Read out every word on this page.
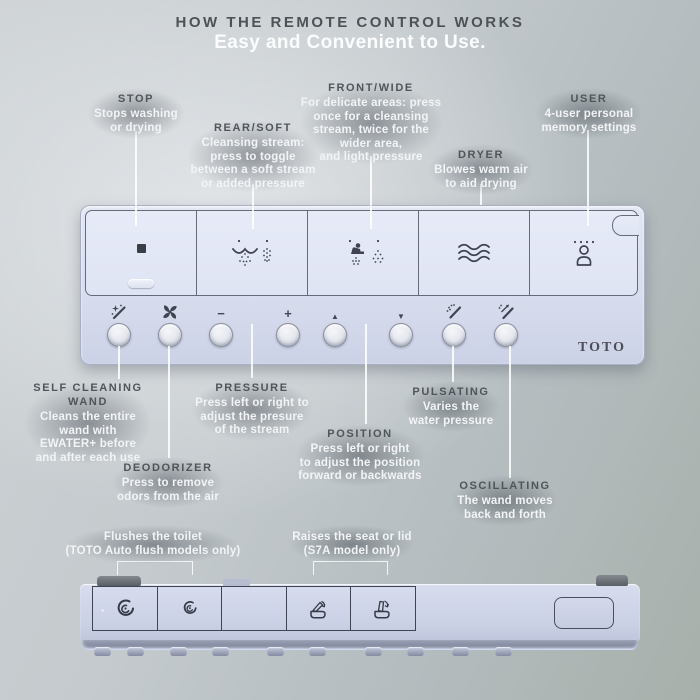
HOW THE REMOTE CONTROL WORKS
Easy and Convenient to Use.
−	+	▲	▼
TOTO
STOP
Stops washing
or drying	REAR/SOFT
Cleansing stream:
press to toggle
between a soft stream
or added pressure
FRONT/WIDE
For delicate areas: press
once for a cleansing
stream, twice for the
wider area,
and light pressure	DRYER
Blowes warm air
to aid drying
USER
4-user personal
memory settings
SELF CLEANING WAND
Cleans the entire
wand with
EWATER+ before
and after each use
PRESSURE
Press left or right to
adjust the presure
of the stream
DEODORIZER
Press to remove
odors from the air
POSITION
Press left or right
to adjust the position
forward or backwards
PULSATING
Varies the
water pressure
OSCILLATING
The wand moves
back and forth
Flushes the toilet
(TOTO Auto flush models only)
Raises the seat or lid
(S7A model only)
